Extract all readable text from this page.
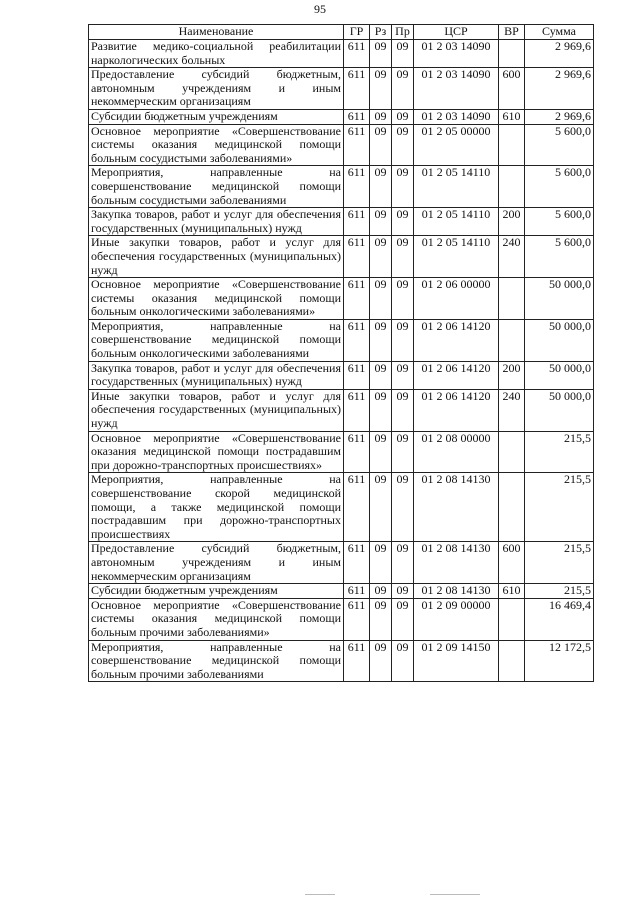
95
Наименование	ГР	Рз	Пр	ЦСР	ВР	Сумма
Развитие медико-социальной реабилитации наркологических больных	611	09	09	01 2 03 14090		2 969,6
Предоставление субсидий бюджетным, автономным учреждениям и иным некоммерческим организациям	611	09	09	01 2 03 14090	600	2 969,6
Субсидии бюджетным учреждениям	611	09	09	01 2 03 14090	610	2 969,6
Основное мероприятие «Совершенствование системы оказания медицинской помощи больным сосудистыми заболеваниями»	611	09	09	01 2 05 00000		5 600,0
Мероприятия, направленные на совершенствование медицинской помощи больным сосудистыми заболеваниями	611	09	09	01 2 05 14110		5 600,0
Закупка товаров, работ и услуг для обеспечения государственных (муниципальных) нужд	611	09	09	01 2 05 14110	200	5 600,0
Иные закупки товаров, работ и услуг для обеспечения государственных (муниципальных) нужд	611	09	09	01 2 05 14110	240	5 600,0
Основное мероприятие «Совершенствование системы оказания медицинской помощи больным онкологическими заболеваниями»	611	09	09	01 2 06 00000		50 000,0
Мероприятия, направленные на совершенствование медицинской помощи больным онкологическими заболеваниями	611	09	09	01 2 06 14120		50 000,0
Закупка товаров, работ и услуг для обеспечения государственных (муниципальных) нужд	611	09	09	01 2 06 14120	200	50 000,0
Иные закупки товаров, работ и услуг для обеспечения государственных (муниципальных) нужд	611	09	09	01 2 06 14120	240	50 000,0
Основное мероприятие «Совершенствование оказания медицинской помощи пострадавшим при дорожно-транспортных происшествиях»	611	09	09	01 2 08 00000		215,5
Мероприятия, направленные на совершенствование скорой медицинской помощи, а также медицинской помощи пострадавшим при дорожно-транспортных происшествиях	611	09	09	01 2 08 14130		215,5
Предоставление субсидий бюджетным, автономным учреждениям и иным некоммерческим организациям	611	09	09	01 2 08 14130	600	215,5
Субсидии бюджетным учреждениям	611	09	09	01 2 08 14130	610	215,5
Основное мероприятие «Совершенствование системы оказания медицинской помощи больным прочими заболеваниями»	611	09	09	01 2 09 00000		16 469,4
Мероприятия, направленные на совершенствование медицинской помощи больным прочими заболеваниями	611	09	09	01 2 09 14150		12 172,5
